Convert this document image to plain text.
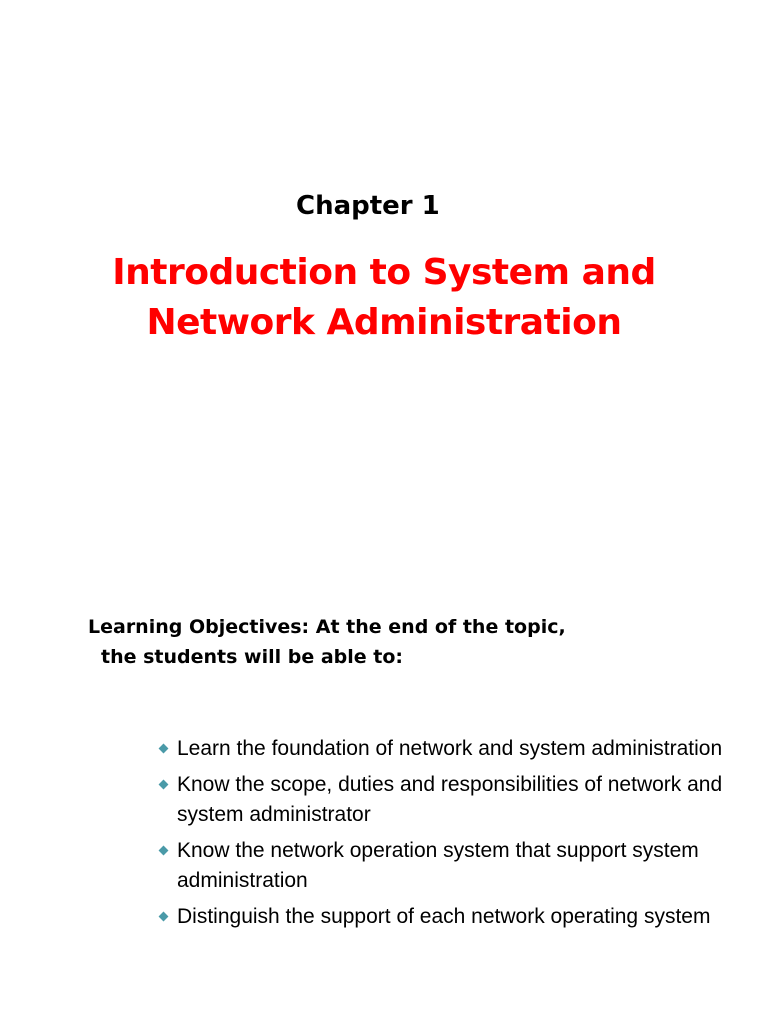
Chapter 1
Introduction to System and
Network Administration
Learning Objectives: At the end of the topic,
the students will be able to:
Learn the foundation of network and system administration
Know the scope, duties and responsibilities of network and system administrator
Know the network operation system that support system administration
Distinguish the support of each network operating system
